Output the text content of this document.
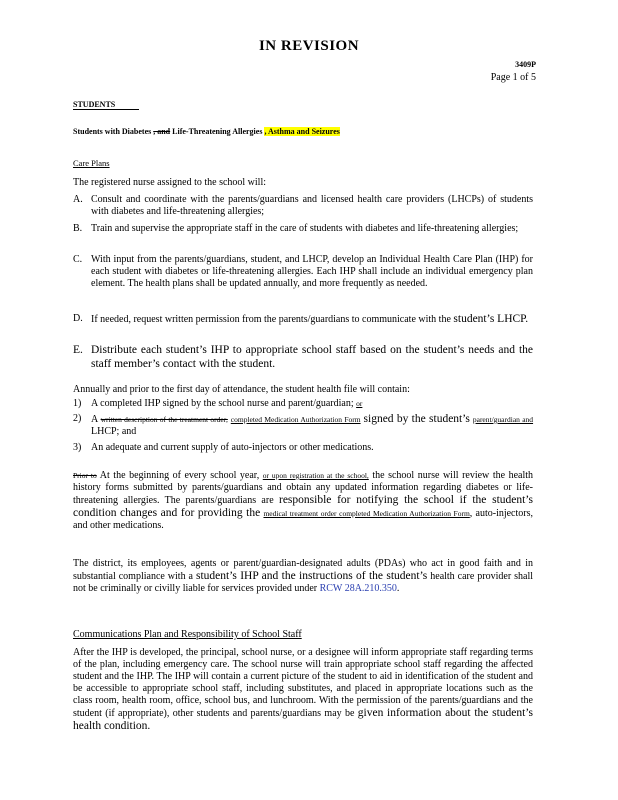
IN REVISION
3409P
Page 1 of 5
STUDENTS
Students with Diabetes , and Life-Threatening Allergies , Asthma and Seizures
Care Plans
The registered nurse assigned to the school will:
A. Consult and coordinate with the parents/guardians and licensed health care providers (LHCPs) of students with diabetes and life-threatening allergies;
B. Train and supervise the appropriate staff in the care of students with diabetes and life-threatening allergies;
C. With input from the parents/guardians, student, and LHCP, develop an Individual Health Care Plan (IHP) for each student with diabetes or life-threatening allergies. Each IHP shall include an individual emergency plan element. The health plans shall be updated annually, and more frequently as needed.
D. If needed, request written permission from the parents/guardians to communicate with the student’s LHCP.
E. Distribute each student’s IHP to appropriate school staff based on the student’s needs and the staff member’s contact with the student.
Annually and prior to the first day of attendance, the student health file will contain:
1) A completed IHP signed by the school nurse and parent/guardian; or
2) A written description of the treatment order, completed Medication Authorization Form signed by the student’s parent/guardian and LHCP; and
3) An adequate and current supply of auto-injectors or other medications.
Prior to At the beginning of every school year, or upon registration at the school, the school nurse will review the health history forms submitted by parents/guardians and obtain any updated information regarding diabetes or life-threatening allergies. The parents/guardians are responsible for notifying the school if the student’s condition changes and for providing the medical treatment order completed Medication Authorization Form, auto-injectors, and other medications.
The district, its employees, agents or parent/guardian-designated adults (PDAs) who act in good faith and in substantial compliance with a student’s IHP and the instructions of the student’s health care provider shall not be criminally or civilly liable for services provided under RCW 28A.210.350.
Communications Plan and Responsibility of School Staff
After the IHP is developed, the principal, school nurse, or a designee will inform appropriate staff regarding terms of the plan, including emergency care. The school nurse will train appropriate school staff regarding the affected student and the IHP. The IHP will contain a current picture of the student to aid in identification of the student and be accessible to appropriate school staff, including substitutes, and placed in appropriate locations such as the class room, health room, office, school bus, and lunchroom. With the permission of the parents/guardians and the student (if appropriate), other students and parents/guardians may be given information about the student’s health condition.
